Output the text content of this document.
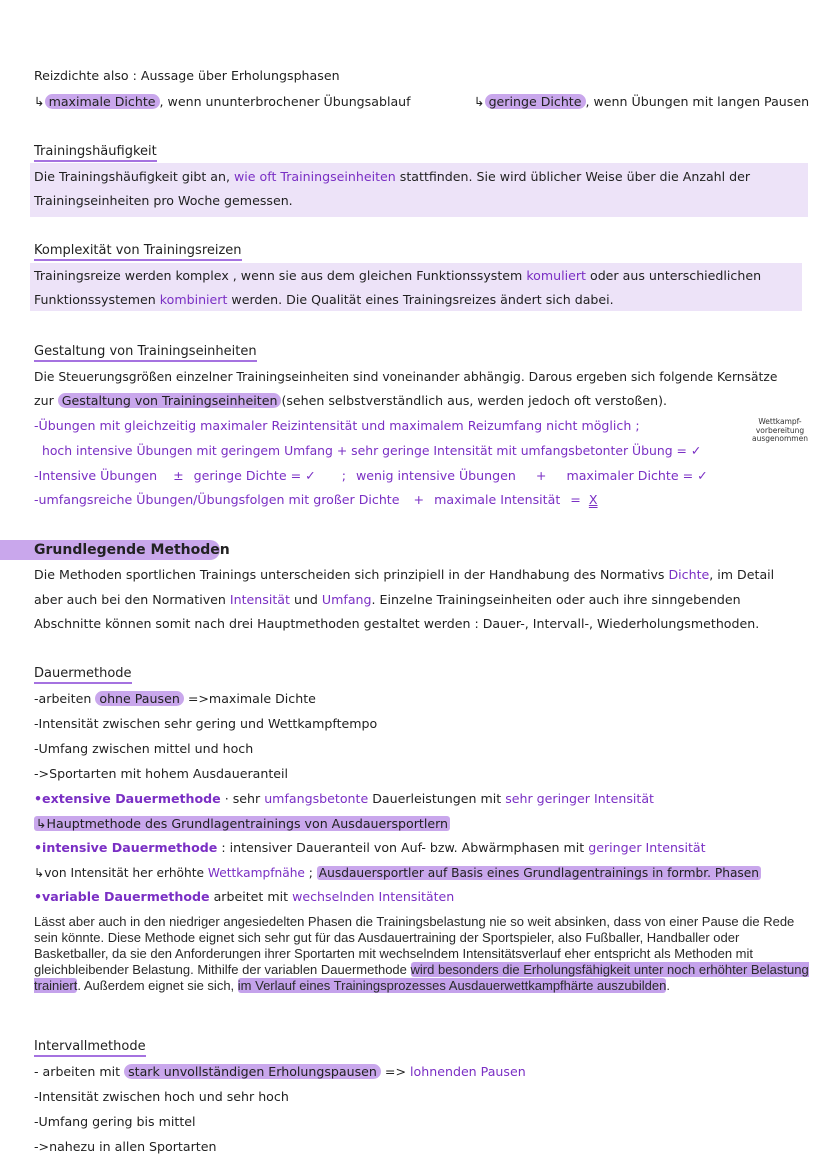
Reizdichte also : Aussage über Erholungsphasen
↳ maximale Dichte , wenn ununterbrochener Übungsablauf	↳ geringe Dichte , wenn Übungen mit langen Pausen
Trainingshäufigkeit
Die Trainingshäufigkeit gibt an, wie oft Trainingseinheiten stattfinden. Sie wird üblicher Weise über die Anzahl der
Trainingseinheiten pro Woche gemessen.
Komplexität von Trainingsreizen
Trainingsreize werden komplex , wenn sie aus dem gleichen Funktionssystem komuliert oder aus unterschiedlichen
Funktionssystemen kombiniert werden. Die Qualität eines Trainingsreizes ändert sich dabei.
Gestaltung von Trainingseinheiten
Die Steuerungsgrößen einzelner Trainingseinheiten sind voneinander abhängig. Darous ergeben sich folgende Kernsätze
zur Gestaltung von Trainingseinheiten (sehen selbstverständlich aus, werden jedoch oft verstoßen).
-Übungen mit gleichzeitig maximaler Reizintensität und maximalem Reizumfang nicht möglich ;
hoch intensive Übungen mit geringem Umfang + sehr geringe Intensität mit umfangsbetonter Übung = ✓
Wettkampf-
vorbereitung
ausgenommen
-Intensive Übungen ± geringe Dichte = ✓ ; wenig intensive Übungen + maximaler Dichte = ✓
-umfangsreiche Übungen/Übungsfolgen mit großer Dichte + maximale Intensität = X
Grundlegende Methoden
Die Methoden sportlichen Trainings unterscheiden sich prinzipiell in der Handhabung des Normativs Dichte, im Detail
aber auch bei den Normativen Intensität und Umfang. Einzelne Trainingseinheiten oder auch ihre sinngebenden
Abschnitte können somit nach drei Hauptmethoden gestaltet werden : Dauer-, Intervall-, Wiederholungsmethoden.
Dauermethode
-arbeiten ohne Pausen =>maximale Dichte
-Intensität zwischen sehr gering und Wettkampftempo
-Umfang zwischen mittel und hoch
->Sportarten mit hohem Ausdaueranteil
•extensive Dauermethode · sehr umfangsbetonte Dauerleistungen mit sehr geringer Intensität
↳Hauptmethode des Grundlagentrainings von Ausdauersportlern
•intensive Dauermethode : intensiver Daueranteil von Auf- bzw. Abwärmphasen mit geringer Intensität
↳von Intensität her erhöhte Wettkampfnähe ; Ausdauersportler auf Basis eines Grundlagentrainings in formbr. Phasen
•variable Dauermethode arbeitet mit wechselnden Intensitäten
Lässt aber auch in den niedriger angesiedelten Phasen die Trainingsbelastung nie so weit absinken, dass von einer Pause die Rede sein könnte. Diese Methode eignet sich sehr gut für das Ausdauertraining der Sportspieler, also Fußballer, Handballer oder Basketballer, da sie den Anforderungen ihrer Sportarten mit wechselndem Intensitätsverlauf eher entspricht als Methoden mit gleichbleibender Belastung. Mithilfe der variablen Dauermethode wird besonders die Erholungsfähigkeit unter noch erhöhter Belastung trainiert. Außerdem eignet sie sich, im Verlauf eines Trainingsprozesses Ausdauerwettkampfhärte auszubilden.
Intervallmethode
- arbeiten mit stark unvollständigen Erholungspausen => lohnenden Pausen
-Intensität zwischen hoch und sehr hoch
-Umfang gering bis mittel
->nahezu in allen Sportarten
